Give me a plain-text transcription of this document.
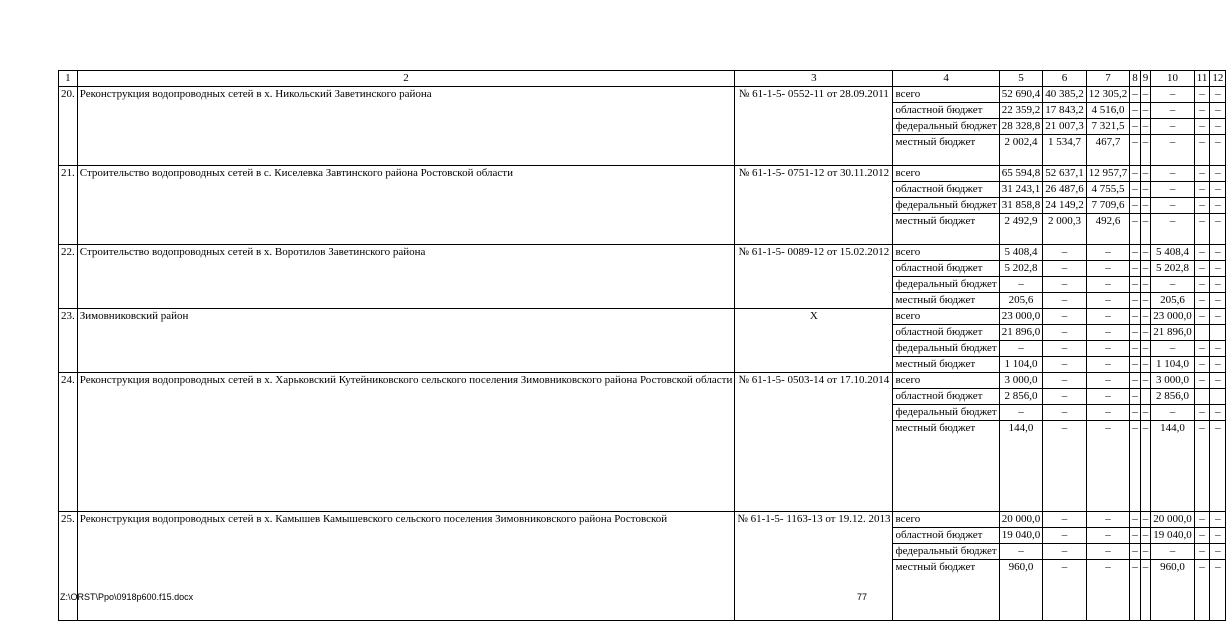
1	2	3	4	5	6	7	8	9	10	11	12
20.	Реконструкция водопроводных сетей в х. Никольский Заветинского района	№ 61-1-5- 0552-11 от 28.09.2011	всего	52 690,4	40 385,2	12 305,2	–	–	–	–	–
			областной бюджет	22 359,2	17 843,2	4 516,0	–	–	–	–	–
			федеральный бюджет	28 328,8	21 007,3	7 321,5	–	–	–	–	–
			местный бюджет	2 002,4	1 534,7	467,7	–	–	–	–	–
21.	Строительство водопроводных сетей в с. Киселевка Завтинского района Ростовской области	№ 61-1-5- 0751-12 от 30.11.2012	всего	65 594,8	52 637,1	12 957,7	–	–	–	–	–
			областной бюджет	31 243,1	26 487,6	4 755,5	–	–	–	–	–
			федеральный бюджет	31 858,8	24 149,2	7 709,6	–	–	–	–	–
			местный бюджет	2 492,9	2 000,3	492,6	–	–	–	–	–
22.	Строительство водопроводных сетей в х. Воротилов Заветинского района	№ 61-1-5- 0089-12 от 15.02.2012	всего	5 408,4	–	–	–	–	5 408,4	–	–
			областной бюджет	5 202,8	–	–	–	–	5 202,8	–	–
			федеральный бюджет	–	–	–	–	–	–	–	–
			местный бюджет	205,6	–	–	–	–	205,6	–	–
23.	Зимовниковский район	Х	всего	23 000,0	–	–	–	–	23 000,0	–	–
			областной бюджет	21 896,0	–	–	–	–	21 896,0		
			федеральный бюджет	–	–	–	–	–	–	–	–
			местный бюджет	1 104,0	–	–	–	–	1 104,0	–	–
24.	Реконструкция водопроводных сетей в х. Харьковский Кутейниковского сельского поселения Зимовниковского района Ростовской области	№ 61-1-5- 0503-14 от 17.10.2014	всего	3 000,0	–	–	–	–	3 000,0	–	–
			областной бюджет	2 856,0	–	–	–		2 856,0		
			федеральный бюджет	–	–	–	–	–	–	–	–
			местный бюджет	144,0	–	–	–	–	144,0	–	–
25.	Реконструкция водопроводных сетей в х. Камышев Камышевского сельского поселения Зимовниковского района Ростовской	№ 61-1-5- 1163-13 от 19.12. 2013	всего	20 000,0	–	–	–	–	20 000,0	–	–
			областной бюджет	19 040,0	–	–	–	–	19 040,0	–	–
			федеральный бюджет	–	–	–	–	–	–	–	–
			местный бюджет	960,0	–	–	–	–	960,0	–	–
Z:\ORST\Ppo\0918p600.f15.docx	77
